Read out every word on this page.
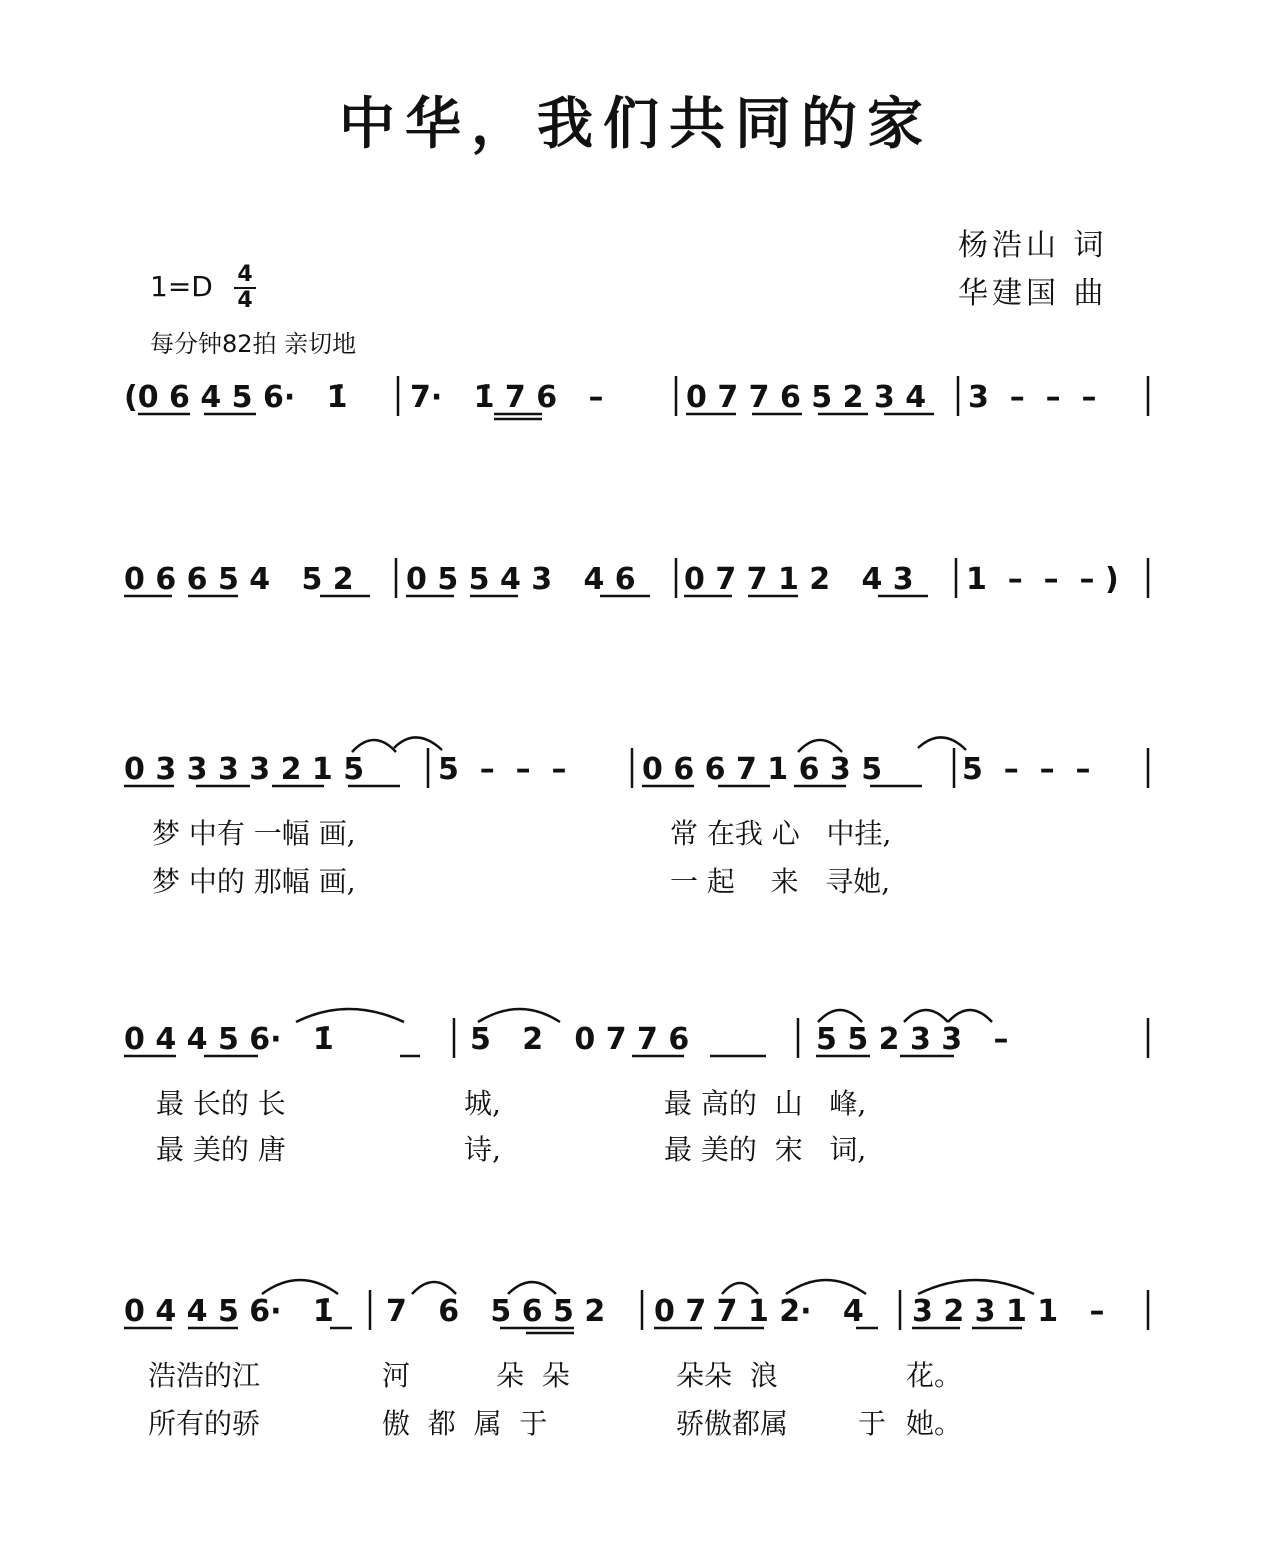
中华，我们共同的家
杨浩山 词
华建国 曲
1=D 4
4
每分钟82拍 亲切地
(0 6 4 5 6·   1̇ 7·   1̇ 7 6   –	0 7 7 6 5 2 3 4 3  –  –  –
0 6 6 5 4   5 2 0 5 5 4 3   4 6 0 7 7 1 2   4 3 1  –  –  – )
0 3 3 3 3 2 1 5 5  –  –  –	0 6 6 7 1 6 3 5	5  –  –  –
梦 中有 一幅 画,	常 在我 心   中挂,
梦 中的 那幅 画,	一 起    来   寻她,
0 4 4 5 6·   1̇	5   2   0 7 7 6	5 5 2 3 3   –
最 长的 长	城,	最 高的  山   峰,
最 美的 唐	诗,	最 美的  宋   词,
0 4 4 5 6·   1̇ 7   6   5 6 5 2 0 7 7 1 2·   4 3 2 3 1 1   –
浩浩的江	河	朵  朵	朵朵  浪	花。
所有的骄	傲  都  属  于	骄傲都属 于 她。
